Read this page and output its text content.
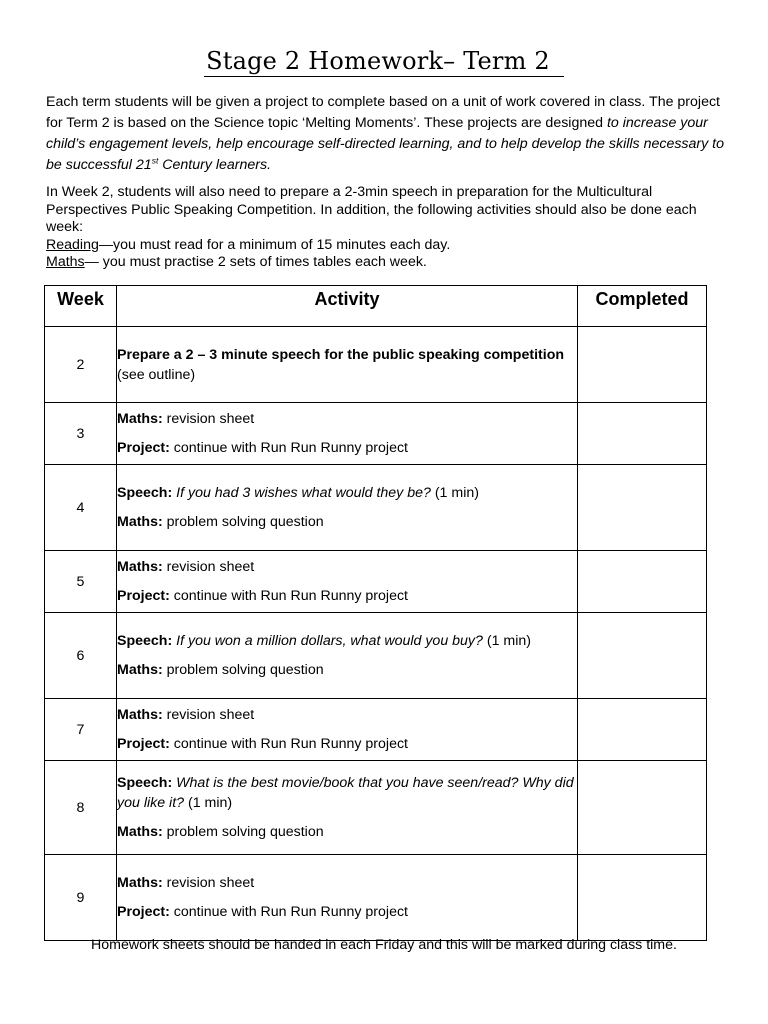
Stage 2 Homework– Term 2

Each term students will be given a project to complete based on a unit of work covered in class. The project for Term 2 is based on the Science topic ‘Melting Moments’. These projects are designed to increase your child’s engagement levels, help encourage self-directed learning, and to help develop the skills necessary to be successful 21st Century learners.

In Week 2, students will also need to prepare a 2-3min speech in preparation for the Multicultural Perspectives Public Speaking Competition. In addition, the following activities should also be done each week:
Reading—you must read for a minimum of 15 minutes each day.
Maths— you must practise 2 sets of times tables each week.

Week	Activity	Completed
2	Prepare a 2 – 3 minute speech for the public speaking competition (see outline)	

3	Maths: revision sheet
Project: continue with Run Run Runny project	

4	Speech: If you had 3 wishes what would they be? (1 min)
Maths: problem solving question	

5	Maths: revision sheet
Project: continue with Run Run Runny project	

6	Speech: If you won a million dollars, what would you buy? (1 min)
Maths: problem solving question	

7	Maths: revision sheet
Project: continue with Run Run Runny project	

8	Speech: What is the best movie/book that you have seen/read? Why did you like it? (1 min)
Maths: problem solving question	

9	Maths: revision sheet
Project: continue with Run Run Runny project	

Homework sheets should be handed in each Friday and this will be marked during class time.
